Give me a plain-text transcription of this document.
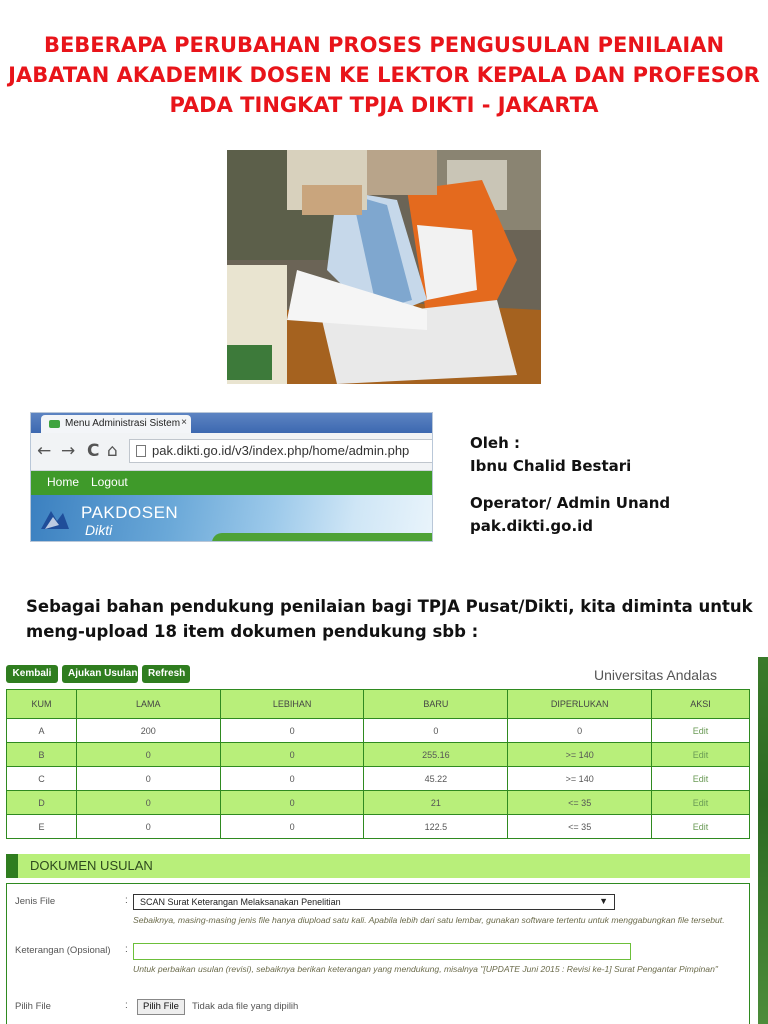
BEBERAPA PERUBAHAN PROSES PENGUSULAN PENILAIAN
JABATAN AKADEMIK DOSEN KE LEKTOR KEPALA DAN PROFESOR
PADA TINGKAT TPJA DIKTI - JAKARTA
Menu Administrasi Sistem ×
← → C ⌂	pak.dikti.go.id/v3/index.php/home/admin.php
Home Logout
PAKDOSEN
Dikti
Oleh :
Ibnu Chalid Bestari
Operator/ Admin Unand
pak.dikti.go.id
Sebagai bahan pendukung penilaian bagi TPJA Pusat/Dikti, kita diminta untuk
meng-upload 18 item dokumen pendukung sbb :
Kembali	Ajukan Usulan	Refresh	Universitas Andalas
KUM	LAMA	LEBIHAN	BARU	DIPERLUKAN	AKSI
A	200	0	0	0	Edit
B	0	0	255.16	>= 140	Edit
C	0	0	45.22	>= 140	Edit
D	0	0	21	<= 35	Edit
E	0	0	122.5	<= 35	Edit
DOKUMEN USULAN
Jenis File	:	SCAN Surat Keterangan Melaksanakan Penelitian	▼
Sebaiknya, masing-masing jenis file hanya diupload satu kali. Apabila lebih dari satu lembar, gunakan software tertentu untuk menggabungkan file tersebut.
Keterangan (Opsional) :
Untuk perbaikan usulan (revisi), sebaiknya berikan keterangan yang mendukung, misalnya "[UPDATE Juni 2015 : Revisi ke-1] Surat Pengantar Pimpinan"
Pilih File	:	Pilih File	Tidak ada file yang dipilih
